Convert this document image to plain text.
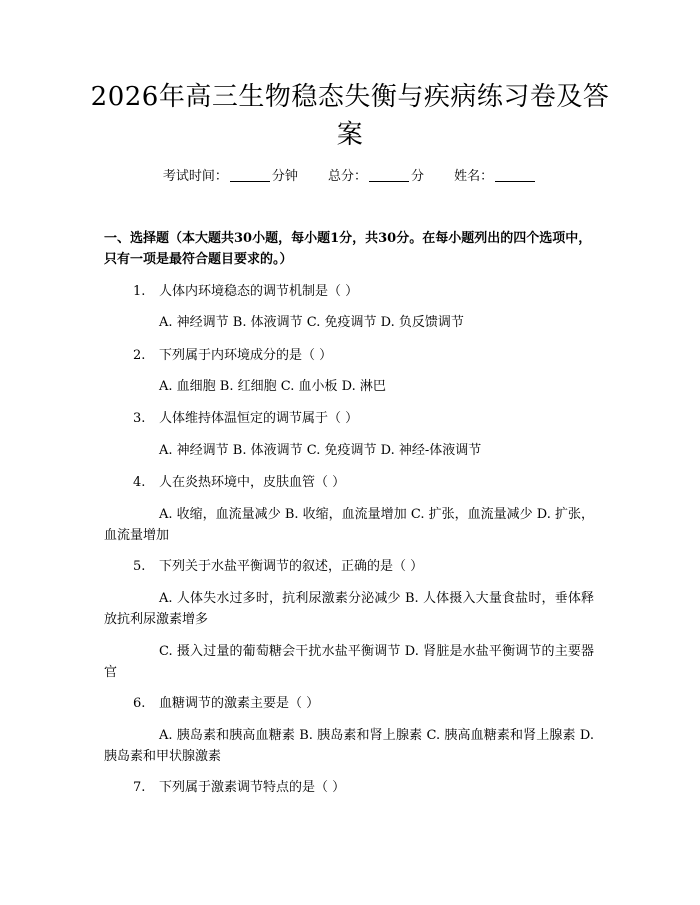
2026年高三生物稳态失衡与疾病练习卷及答案
考试时间：	分钟 总分：	分 姓名：
一、选择题（本大题共30小题，每小题1分，共30分。在每小题列出的四个选项中，只有一项是最符合题目要求的。）
1. 人体内环境稳态的调节机制是（ ）
A. 神经调节 B. 体液调节 C. 免疫调节 D. 负反馈调节
2. 下列属于内环境成分的是（ ）
A. 血细胞 B. 红细胞 C. 血小板 D. 淋巴
3. 人体维持体温恒定的调节属于（ ）
A. 神经调节 B. 体液调节 C. 免疫调节 D. 神经-体液调节
4. 人在炎热环境中，皮肤血管（ ）
A. 收缩，血流量减少 B. 收缩，血流量增加 C. 扩张，血流量减少 D. 扩张，血流量增加
5. 下列关于水盐平衡调节的叙述，正确的是（ ）
A. 人体失水过多时，抗利尿激素分泌减少 B. 人体摄入大量食盐时，垂体释放抗利尿激素增多
C. 摄入过量的葡萄糖会干扰水盐平衡调节 D. 肾脏是水盐平衡调节的主要器官
6. 血糖调节的激素主要是（ ）
A. 胰岛素和胰高血糖素 B. 胰岛素和肾上腺素 C. 胰高血糖素和肾上腺素 D. 胰岛素和甲状腺激素
7. 下列属于激素调节特点的是（ ）
